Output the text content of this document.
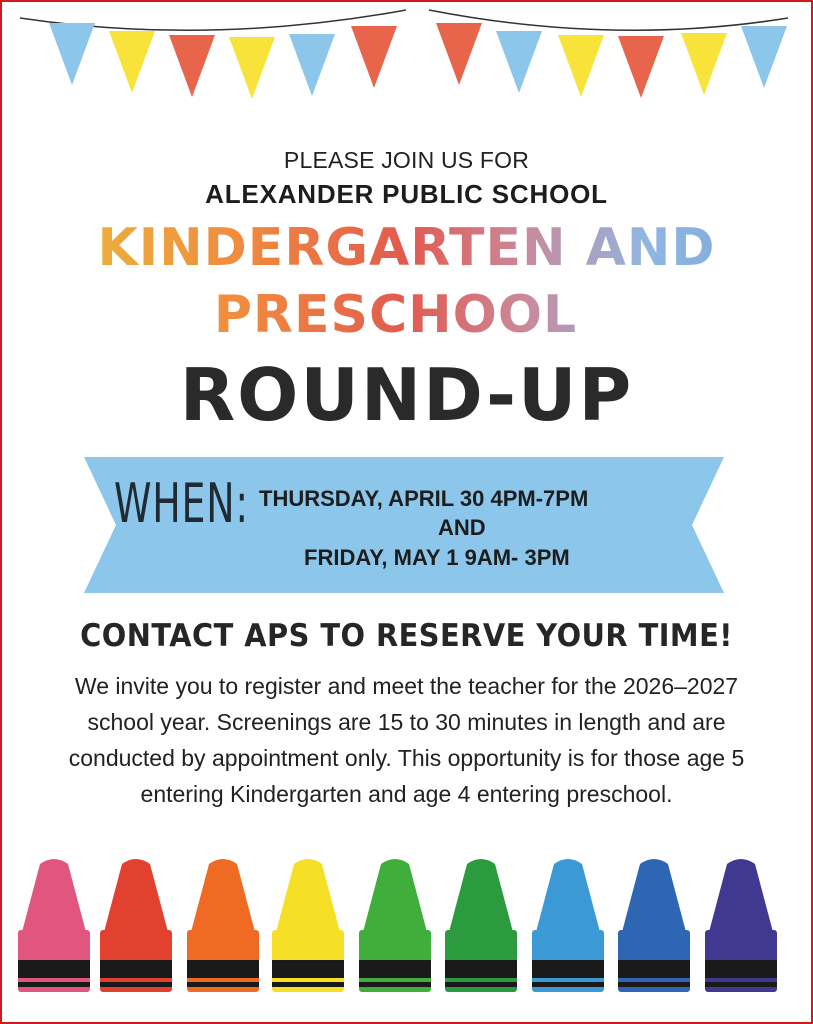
PLEASE JOIN US FOR
ALEXANDER PUBLIC SCHOOL
KINDERGARTEN AND
PRESCHOOL
ROUND-UP
WHEN: THURSDAY, APRIL 30 4PM-7PM
AND
FRIDAY, MAY 1 9AM- 3PM
CONTACT APS TO RESERVE YOUR TIME!
We invite you to register and meet the teacher for the 2026–2027 school year. Screenings are 15 to 30 minutes in length and are conducted by appointment only. This opportunity is for those age 5 entering Kindergarten and age 4 entering preschool.
